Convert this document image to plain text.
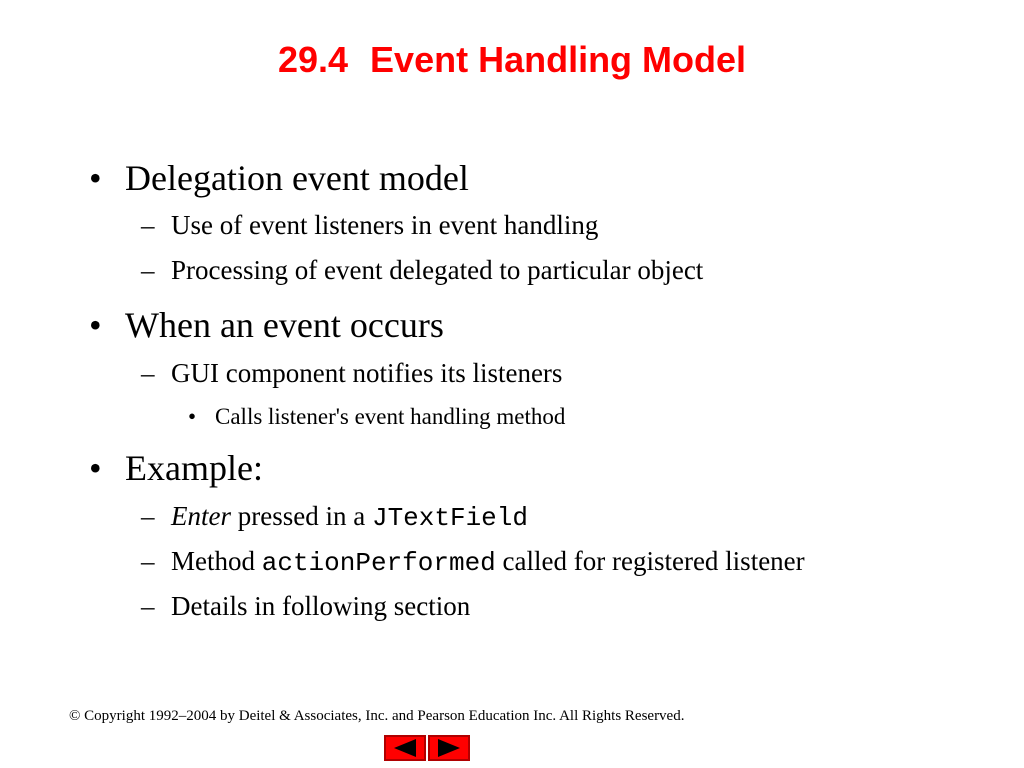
29.4 Event Handling Model
• Delegation event model
– Use of event listeners in event handling
– Processing of event delegated to particular object
• When an event occurs
– GUI component notifies its listeners
• Calls listener's event handling method
• Example:
– Enter pressed in a JTextField
– Method actionPerformed called for registered listener
– Details in following section
© Copyright 1992–2004 by Deitel & Associates, Inc. and Pearson Education Inc. All Rights Reserved.
